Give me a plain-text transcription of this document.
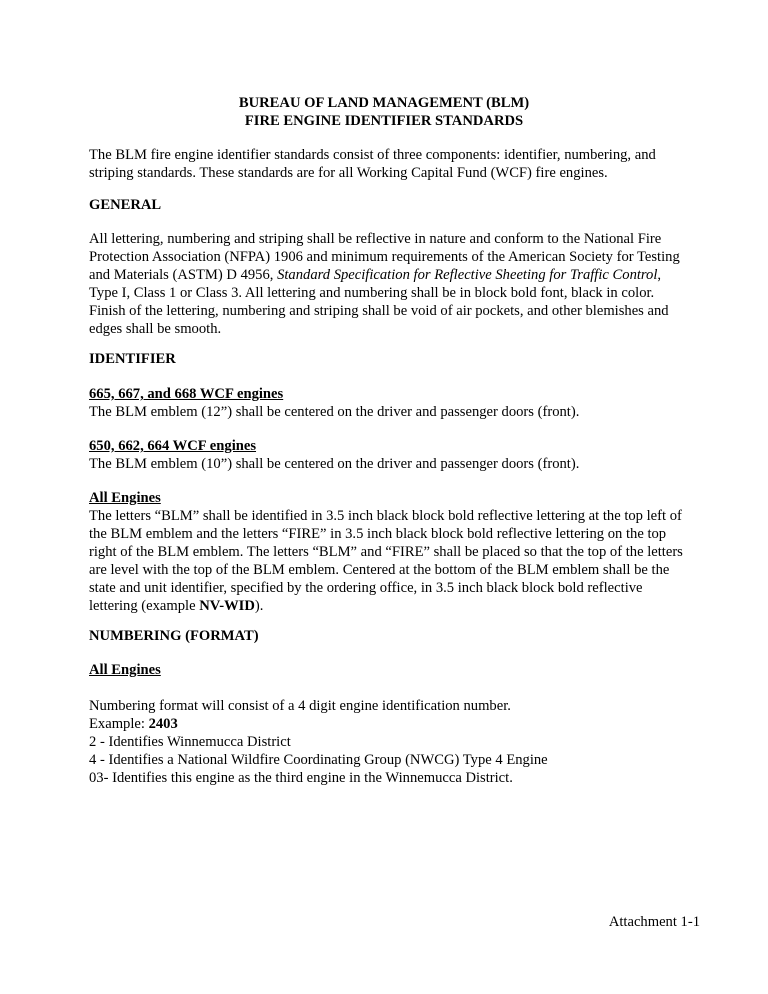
BUREAU OF LAND MANAGEMENT (BLM)

FIRE ENGINE IDENTIFIER STANDARDS

The BLM fire engine identifier standards consist of three components: identifier, numbering, and striping standards. These standards are for all Working Capital Fund (WCF) fire engines.

GENERAL

All lettering, numbering and striping shall be reflective in nature and conform to the National Fire Protection Association (NFPA) 1906 and minimum requirements of the American Society for Testing and Materials (ASTM) D 4956, Standard Specification for Reflective Sheeting for Traffic Control, Type I, Class 1 or Class 3. All lettering and numbering shall be in block bold font, black in color. Finish of the lettering, numbering and striping shall be void of air pockets, and other blemishes and edges shall be smooth.

IDENTIFIER

665, 667, and 668 WCF engines

The BLM emblem (12”) shall be centered on the driver and passenger doors (front).

650, 662, 664 WCF engines

The BLM emblem (10”) shall be centered on the driver and passenger doors (front).

All Engines

The letters “BLM” shall be identified in 3.5 inch black block bold reflective lettering at the top left of the BLM emblem and the letters “FIRE” in 3.5 inch black block bold reflective lettering on the top right of the BLM emblem. The letters “BLM” and “FIRE” shall be placed so that the top of the letters are level with the top of the BLM emblem. Centered at the bottom of the BLM emblem shall be the state and unit identifier, specified by the ordering office, in 3.5 inch black block bold reflective lettering (example NV-WID).

NUMBERING (FORMAT)

All Engines

Numbering format will consist of a 4 digit engine identification number.

Example: 2403

2 - Identifies Winnemucca District

4 - Identifies a National Wildfire Coordinating Group (NWCG) Type 4 Engine

03- Identifies this engine as the third engine in the Winnemucca District.

Attachment 1-1
